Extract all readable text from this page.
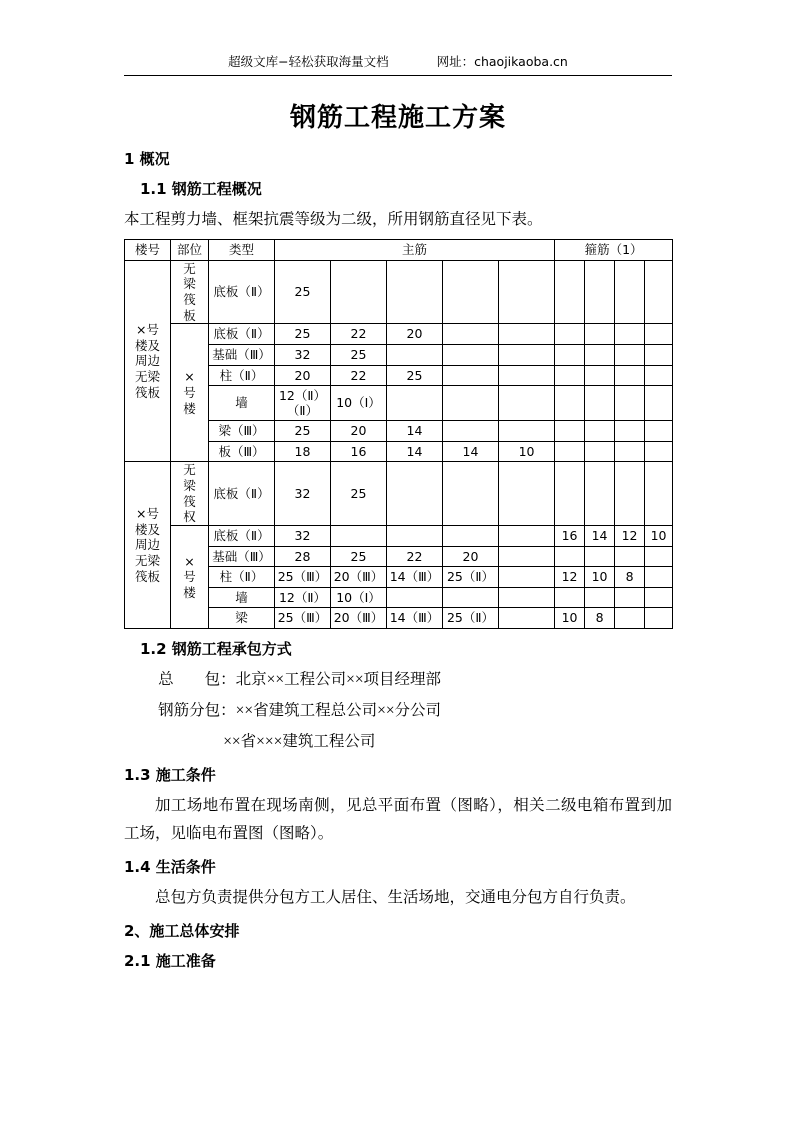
超级文库−轻松获取海量文档	网址：chaojikaoba.cn
钢筋工程施工方案
1 概况
1.1 钢筋工程概况

本工程剪力墙、框架抗震等级为二级，所用钢筋直径见下表。

楼号	部位	类型	主筋					箍筋（1）			
×号楼及周边无梁筏板	无梁筏板	底板（Ⅱ）	25								
	×号楼	底板（Ⅱ）	25	22	20						
		基础（Ⅲ）	32	25							
		柱（Ⅱ）	20	22	25						
		墙	12（Ⅱ）（Ⅱ）	10（Ⅰ）							
		梁（Ⅲ）	25	20	14						
		板（Ⅲ）	18	16	14	14	10				
×号楼及周边无梁筏板	无梁筏权	底板（Ⅱ）	32	25							
	×号楼	底板（Ⅱ）	32					16	14	12	10
		基础（Ⅲ）	28	25	22	20					
		柱（Ⅱ）	25（Ⅲ）	20（Ⅲ）	14（Ⅲ）	25（Ⅱ）		12	10	8	
		墙	12（Ⅱ）	10（Ⅰ）							
		梁	25（Ⅲ）	20（Ⅲ）	14（Ⅲ）	25（Ⅱ）		10	8		
1.2 钢筋工程承包方式

总　　包：北京××工程公司××项目经理部

钢筋分包：××省建筑工程总公司××分公司

××省×××建筑工程公司

1.3 施工条件

加工场地布置在现场南侧，见总平面布置（图略），相关二级电箱布置到加工场，见临电布置图（图略）。

1.4 生活条件

总包方负责提供分包方工人居住、生活场地，交通电分包方自行负责。

2、施工总体安排
2.1 施工准备
